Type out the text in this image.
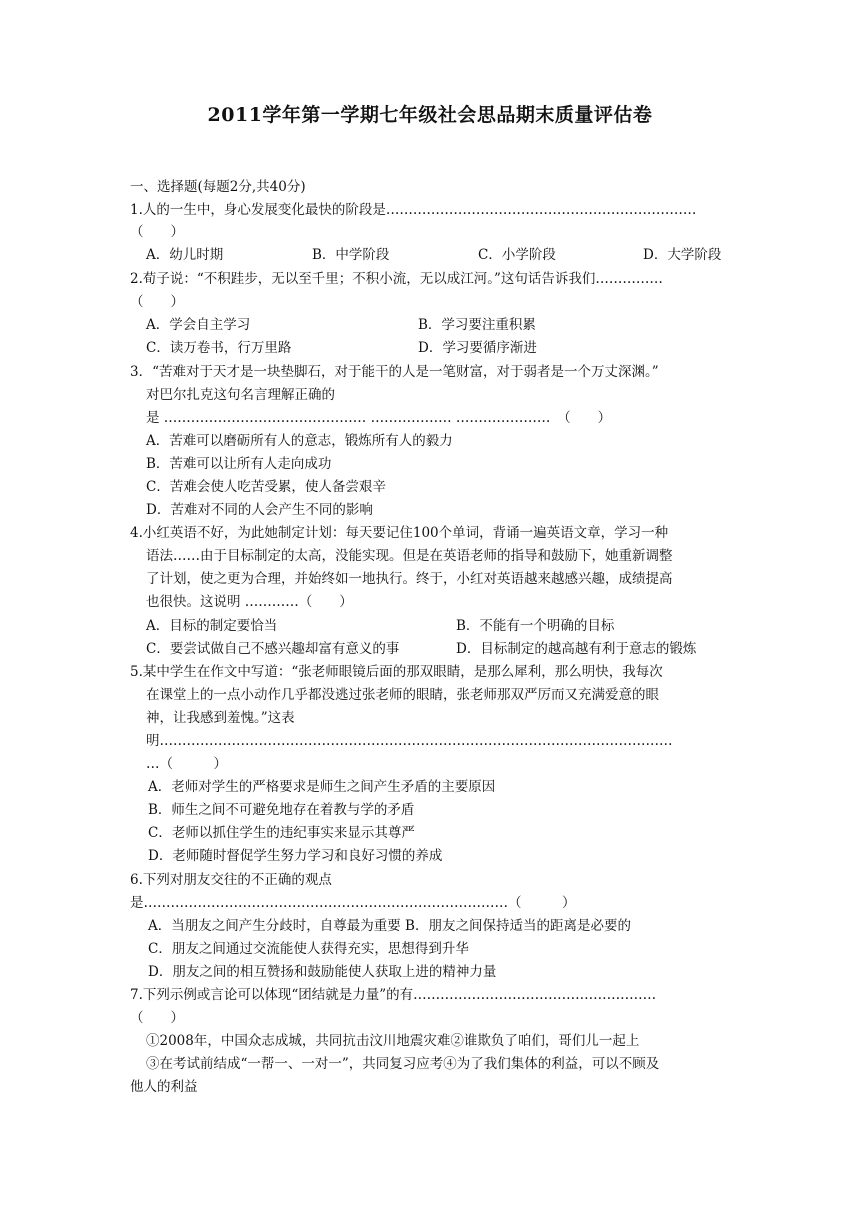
2011学年第一学期七年级社会思品期末质量评估卷
一、选择题(每题2分,共40分)
1.人的一生中，身心发展变化最快的阶段是……………………………………………………………
（　　）
A．幼儿时期	B．中学阶段	C．小学阶段	D．大学阶段
2.荀子说：“不积跬步，无以至千里；不积小流，无以成江河。”这句话告诉我们……………
（　　）
A．学会自主学习	B．学习要注重积累
C．读万卷书，行万里路	D．学习要循序渐进
3．“苦难对于天才是一块垫脚石，对于能干的人是一笔财富，对于弱者是一个万丈深渊。”
对巴尔扎克这句名言理解正确的
是 ……………………………………… ……………… …………………　（　　）
A．苦难可以磨砺所有人的意志，锻炼所有人的毅力
B．苦难可以让所有人走向成功
C．苦难会使人吃苦受累，使人备尝艰辛
D．苦难对不同的人会产生不同的影响
4.小红英语不好，为此她制定计划：每天要记住100个单词，背诵一遍英语文章，学习一种
语法……由于目标制定的太高，没能实现。但是在英语老师的指导和鼓励下，她重新调整
了计划，使之更为合理，并始终如一地执行。终于，小红对英语越来越感兴趣，成绩提高
也很快。这说明 …………（　　）
A．目标的制定要恰当	B．不能有一个明确的目标
C．要尝试做自己不感兴趣却富有意义的事	D．目标制定的越高越有利于意志的锻炼
5.某中学生在作文中写道：“张老师眼镜后面的那双眼睛，是那么犀利，那么明快，我每次
在课堂上的一点小动作几乎都没逃过张老师的眼睛，张老师那双严厉而又充满爱意的眼
神，让我感到羞愧。”这表
明……………………………………………………………………………………………………
…（　　　）
A．老师对学生的严格要求是师生之间产生矛盾的主要原因
B．师生之间不可避免地存在着教与学的矛盾
C．老师以抓住学生的违纪事实来显示其尊严
D．老师随时督促学生努力学习和良好习惯的养成
6.下列对朋友交往的不正确的观点
是………………………………………………………………………（　　　）
A．当朋友之间产生分歧时，自尊最为重要 B．朋友之间保持适当的距离是必要的
C．朋友之间通过交流能使人获得充实，思想得到升华
D．朋友之间的相互赞扬和鼓励能使人获取上进的精神力量
7.下列示例或言论可以体现“团结就是力量”的有………………………………………………
（　　）
①2008年，中国众志成城，共同抗击汶川地震灾难②谁欺负了咱们，哥们儿一起上
③在考试前结成“一帮一、一对一”，共同复习应考④为了我们集体的利益，可以不顾及
他人的利益
